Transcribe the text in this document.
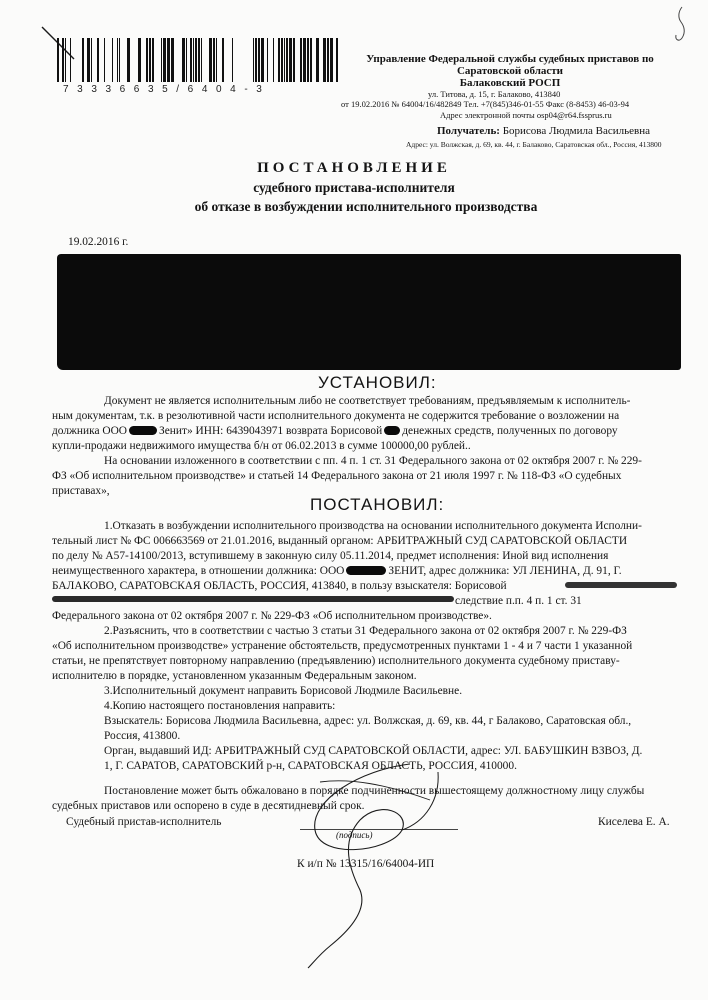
73336635/6404-3
Управление Федеральной службы судебных приставов по
Саратовской области
Балаковский РОСП
ул. Титова, д. 15, г. Балаково, 413840
от 19.02.2016 № 64004/16/482849 Тел. +7(845)346-01-55 Факс (8-8453) 46-03-94
Адрес электронной почты osp04@r64.fssprus.ru
Получатель: Борисова Людмила Васильевна
Адрес: ул. Волжская, д. 69, кв. 44, г. Балаково, Саратовская обл., Россия, 413800
ПОСТАНОВЛЕНИЕ
судебного пристава-исполнителя
об отказе в возбуждении исполнительного производства
19.02.2016 г.
УСТАНОВИЛ:
Документ не является исполнительным либо не соответствует требованиям, предъявляемым к исполнитель-
ным документам, т.к. в резолютивной части исполнительного документа не содержится требование о возложении на
должника ООО	Зенит» ИНН: 6439043971 возврата Борисовой денежных средств, полученных по договору
купли-продажи недвижимого имущества б/н от 06.02.2013 в сумме 100000,00 рублей..
На основании изложенного в соответствии с пп. 4 п. 1 ст. 31 Федерального закона от 02 октября 2007 г. № 229-
ФЗ «Об исполнительном производстве» и статьей 14 Федерального закона от 21 июля 1997 г. № 118-ФЗ «О судебных
приставах»,
ПОСТАНОВИЛ:
1.Отказать в возбуждении исполнительного производства на основании исполнительного документа Исполни-
тельный лист № ФС 006663569 от 21.01.2016, выданный органом: АРБИТРАЖНЫЙ СУД САРАТОВСКОЙ ОБЛАСТИ
по делу № А57-14100/2013, вступившему в законную силу 05.11.2014, предмет исполнения: Иной вид исполнения
неимущественного характера, в отношении должника: ООО	ЗЕНИТ, адрес должника: УЛ ЛЕНИНА, Д. 91, Г.
БАЛАКОВО, САРАТОВСКАЯ ОБЛАСТЬ, РОССИЯ, 413840, в пользу взыскателя: Борисовой
следствие п.п. 4 п. 1 ст. 31
Федерального закона от 02 октября 2007 г. № 229-ФЗ «Об исполнительном производстве».
2.Разъяснить, что в соответствии с частью 3 статьи 31 Федерального закона от 02 октября 2007 г. № 229-ФЗ
«Об исполнительном производстве» устранение обстоятельств, предусмотренных пунктами 1 - 4 и 7 части 1 указанной
статьи, не препятствует повторному направлению (предъявлению) исполнительного документа судебному приставу-
исполнителю в порядке, установленном указанным Федеральным законом.
3.Исполнительный документ направить Борисовой Людмиле Васильевне.
4.Копию настоящего постановления направить:
Взыскатель: Борисова Людмила Васильевна, адрес: ул. Волжская, д. 69, кв. 44, г Балаково, Саратовская обл.,
Россия, 413800.
Орган, выдавший ИД: АРБИТРАЖНЫЙ СУД САРАТОВСКОЙ ОБЛАСТИ, адрес: УЛ. БАБУШКИН ВЗВОЗ, Д.
1, Г. САРАТОВ, САРАТОВСКИЙ р-н, САРАТОВСКАЯ ОБЛАСТЬ, РОССИЯ, 410000.
Постановление может быть обжаловано в порядке подчиненности вышестоящему должностному лицу службы
судебных приставов или оспорено в суде в десятидневный срок.
Судебный пристав-исполнитель
(подпись)
Киселева Е. А.
К и/п № 13315/16/64004-ИП
